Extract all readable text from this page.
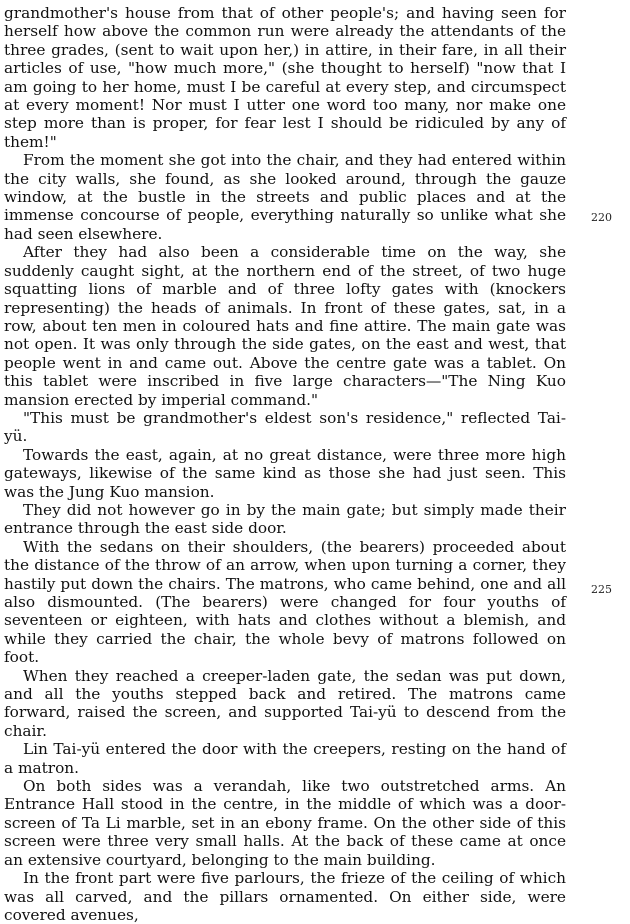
grandmother's house from that of other people's; and having seen for herself how above the common run were already the attendants of the three grades, (sent to wait upon her,) in attire, in their fare, in all their articles of use, "how much more," (she thought to herself) "now that I am going to her home, must I be careful at every step, and circumspect at every moment! Nor must I utter one word too many, nor make one step more than is proper, for fear lest I should be ridiculed by any of them!"

From the moment she got into the chair, and they had entered within the city walls, she found, as she looked around, through the gauze window, at the bustle in the streets and public places and at the immense concourse of people, everything naturally so unlike what she had seen elsewhere.

After they had also been a considerable time on the way, she suddenly caught sight, at the northern end of the street, of two huge squatting lions of marble and of three lofty gates with (knockers representing) the heads of animals. In front of these gates, sat, in a row, about ten men in coloured hats and fine attire. The main gate was not open. It was only through the side gates, on the east and west, that people went in and came out. Above the centre gate was a tablet. On this tablet were inscribed in five large characters—"The Ning Kuo mansion erected by imperial command."

"This must be grandmother's eldest son's residence," reflected Tai-yü.

Towards the east, again, at no great distance, were three more high gateways, likewise of the same kind as those she had just seen. This was the Jung Kuo mansion.

They did not however go in by the main gate; but simply made their entrance through the east side door.

With the sedans on their shoulders, (the bearers) proceeded about the distance of the throw of an arrow, when upon turning a corner, they hastily put down the chairs. The matrons, who came behind, one and all also dismounted. (The bearers) were changed for four youths of seventeen or eighteen, with hats and clothes without a blemish, and while they carried the chair, the whole bevy of matrons followed on foot.

When they reached a creeper-laden gate, the sedan was put down, and all the youths stepped back and retired. The matrons came forward, raised the screen, and supported Tai-yü to descend from the chair.

Lin Tai-yü entered the door with the creepers, resting on the hand of a matron.

On both sides was a verandah, like two outstretched arms. An Entrance Hall stood in the centre, in the middle of which was a door-screen of Ta Li marble, set in an ebony frame. On the other side of this screen were three very small halls. At the back of these came at once an extensive courtyard, belonging to the main building.

In the front part were five parlours, the frieze of the ceiling of which was all carved, and the pillars ornamented. On either side, were covered avenues,

220
225
